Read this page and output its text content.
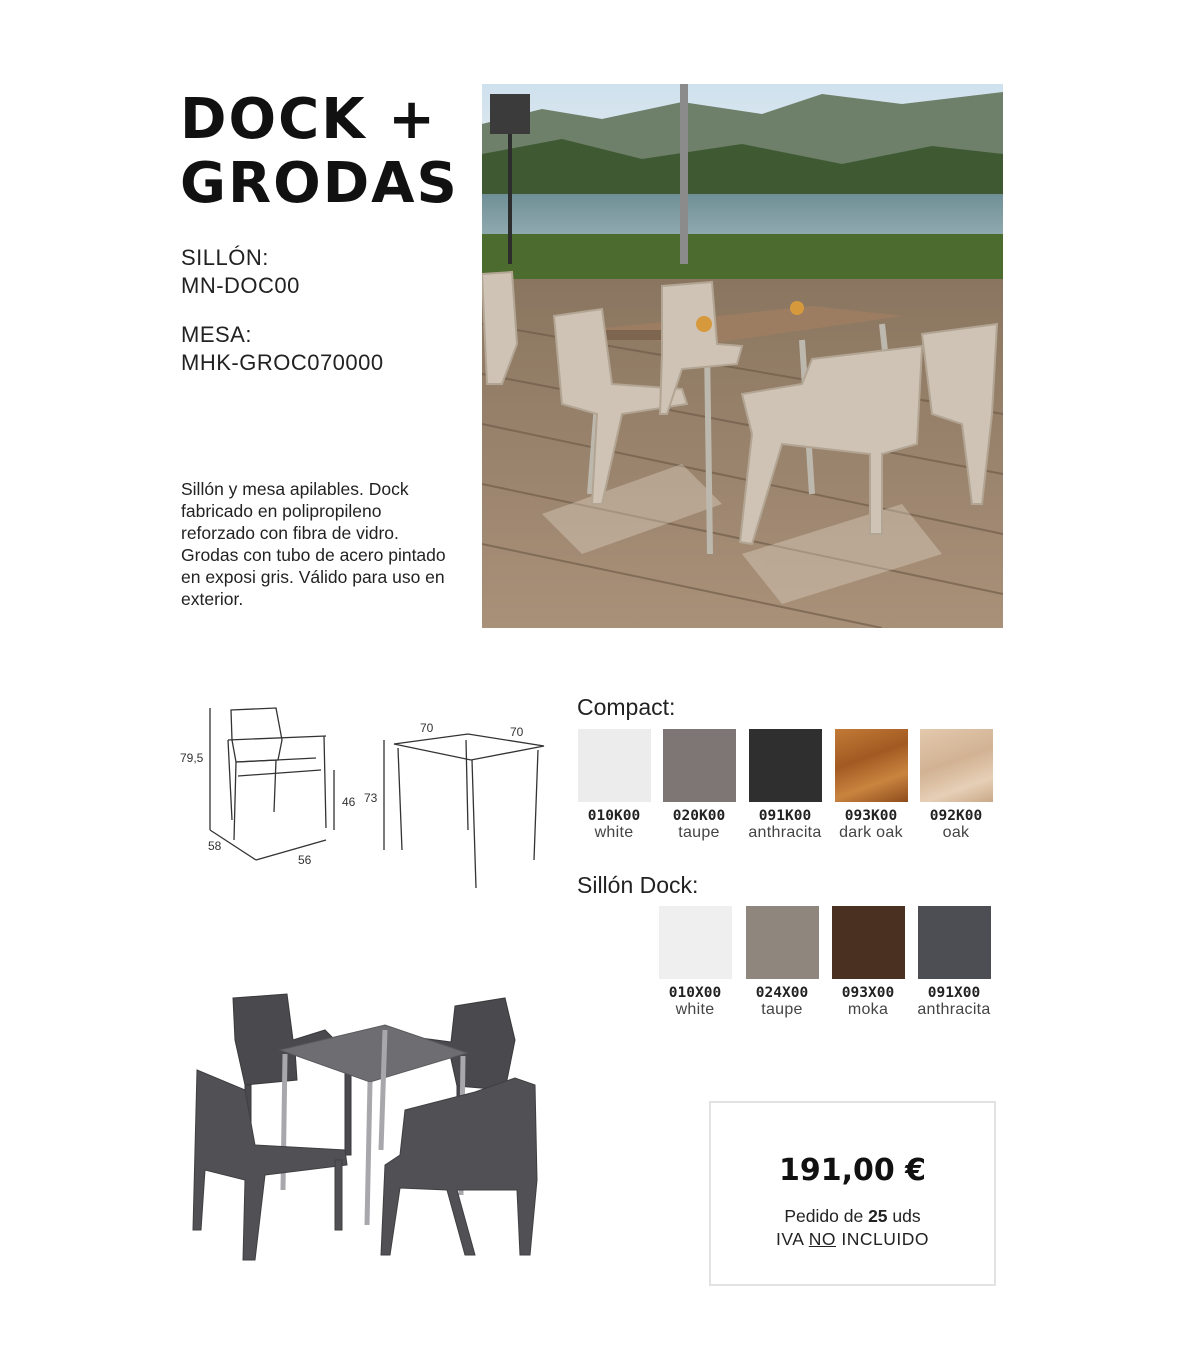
DOCK +
GRODAS
SILLÓN:
MN-DOC00
MESA:
MHK-GROC070000

Sillón y mesa apilables. Dock fabricado en polipropileno reforzado con fibra de vidro. Grodas con tubo de acero pintado en exposi gris. Válido para uso en exterior.

79,5
46
58
56
73
70	70
Compact:
010K00
white
020K00
taupe
091K00
anthracita
093K00
dark oak
092K00
oak
Sillón Dock:
010X00
white
024X00
taupe
093X00
moka
091X00
anthracita
191,00 €
Pedido de 25 uds
IVA NO INCLUIDO
